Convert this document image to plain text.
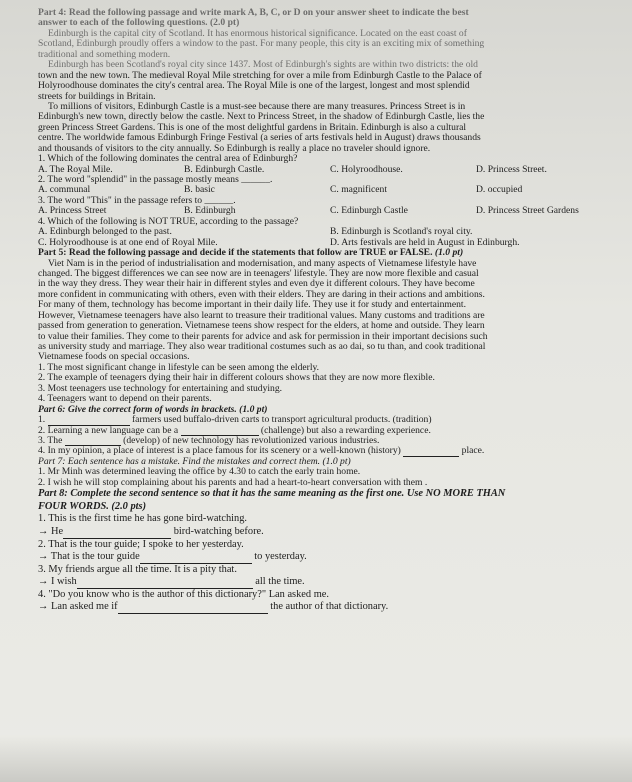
Part 4: Read the following passage and write mark A, B, C, or D on your answer sheet to indicate the best
answer to each of the following questions. (2.0 pt)
Edinburgh is the capital city of Scotland. It has enormous historical significance. Located on the east coast of
Scotland, Edinburgh proudly offers a window to the past. For many people, this city is an exciting mix of something
traditional and something modern.
Edinburgh has been Scotland's royal city since 1437. Most of Edinburgh's sights are within two districts: the old
town and the new town. The medieval Royal Mile stretching for over a mile from Edinburgh Castle to the Palace of
Holyroodhouse dominates the city's central area. The Royal Mile is one of the largest, longest and most splendid
streets for buildings in Britain.
To millions of visitors, Edinburgh Castle is a must-see because there are many treasures. Princess Street is in
Edinburgh's new town, directly below the castle. Next to Princess Street, in the shadow of Edinburgh Castle, lies the
green Princess Street Gardens. This is one of the most delightful gardens in Britain. Edinburgh is also a cultural
centre. The worldwide famous Edinburgh Fringe Festival (a series of arts festivals held in August) draws thousands
and thousands of visitors to the city annually. So Edinburgh is really a place no traveler should ignore.
1. Which of the following dominates the central area of Edinburgh?
A. The Royal Mile.	B. Edinburgh Castle.	C. Holyroodhouse.	D. Princess Street.
2. The word "splendid" in the passage mostly means ______.
A. communal	B. basic	C. magnificent	D. occupied
3. The word "This" in the passage refers to ______.
A. Princess Street	B. Edinburgh	C. Edinburgh Castle	D. Princess Street Gardens
4. Which of the following is NOT TRUE, according to the passage?
A. Edinburgh belonged to the past.	B. Edinburgh is Scotland's royal city.
C. Holyroodhouse is at one end of Royal Mile.	D. Arts festivals are held in August in Edinburgh.
Part 5: Read the following passage and decide if the statements that follow are TRUE or FALSE. (1.0 pt)
Viet Nam is in the period of industrialisation and modernisation, and many aspects of Vietnamese lifestyle have
changed. The biggest differences we can see now are in teenagers' lifestyle. They are now more flexible and casual
in the way they dress. They wear their hair in different styles and even dye it different colours. They have become
more confident in communicating with others, even with their elders. They are daring in their actions and ambitions.
For many of them, technology has become important in their daily life. They use it for study and entertainment.
However, Vietnamese teenagers have also learnt to treasure their traditional values. Many customs and traditions are
passed from generation to generation. Vietnamese teens show respect for the elders, at home and outside. They learn
to value their families. They come to their parents for advice and ask for permission in their important decisions such
as university study and marriage. They also wear traditional costumes such as ao dai, so tu than, and cook traditional
Vietnamese foods on special occasions.
1. The most significant change in lifestyle can be seen among the elderly.
2. The example of teenagers dying their hair in different colours shows that they are now more flexible.
3. Most teenagers use technology for entertaining and studying.
4. Teenagers want to depend on their parents.
Part 6: Give the correct form of words in brackets. (1.0 pt)
1.	farmers used buffalo-driven carts to transport agricultural products. (tradition)
2. Learning a new language can be a	(challenge) but also a rewarding experience.
3. The	(develop) of new technology has revolutionized various industries.
4. In my opinion, a place of interest is a place famous for its scenery or a well-known (history)	place.
Part 7: Each sentence has a mistake. Find the mistakes and correct them. (1.0 pt)
1. Mr Minh was determined leaving the office by 4.30 to catch the early train home.
2. I wish he will stop complaining about his parents and had a heart-to-heart conversation with them .
Part 8: Complete the second sentence so that it has the same meaning as the first one. Use NO MORE THAN
FOUR WORDS. (2.0 pts)
1. This is the first time he has gone bird-watching.
→ He	bird-watching before.
2. That is the tour guide; I spoke to her yesterday.
→ That is the tour guide	to yesterday.
3. My friends argue all the time. It is a pity that.
→ I wish	all the time.
4. "Do you know who is the author of this dictionary?" Lan asked me.
→ Lan asked me if	the author of that dictionary.
